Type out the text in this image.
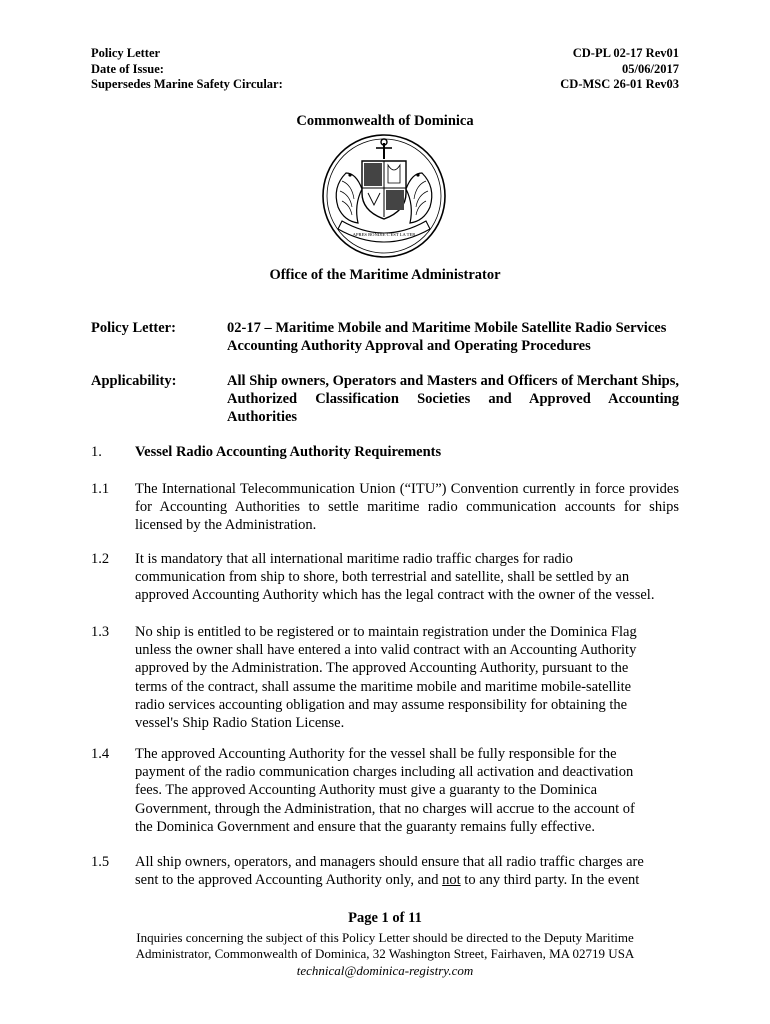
Policy Letter	CD-PL 02-17 Rev01
Date of Issue:	05/06/2017
Supersedes Marine Safety Circular:	CD-MSC 26-01 Rev03
Commonwealth of Dominica
APRES BONDIE C'EST LA TER
Office of the Maritime Administrator
Policy Letter:	02-17 – Maritime Mobile and Maritime Mobile Satellite Radio Services
Accounting Authority Approval and Operating Procedures
Applicability:	All Ship owners, Operators and Masters and Officers of Merchant Ships, Authorized Classification Societies and Approved Accounting Authorities
1.	Vessel Radio Accounting Authority Requirements
1.1	The International Telecommunication Union (“ITU”) Convention currently in force provides for Accounting Authorities to settle maritime radio communication accounts for ships licensed by the Administration.
1.2	It is mandatory that all international maritime radio traffic charges for radio
communication from ship to shore, both terrestrial and satellite, shall be settled by an
approved Accounting Authority which has the legal contract with the owner of the vessel.
1.3	No ship is entitled to be registered or to maintain registration under the Dominica Flag
unless the owner shall have entered a into valid contract with an Accounting Authority
approved by the Administration. The approved Accounting Authority, pursuant to the
terms of the contract, shall assume the maritime mobile and maritime mobile-satellite
radio services accounting obligation and may assume responsibility for obtaining the
vessel's Ship Radio Station License.
1.4	The approved Accounting Authority for the vessel shall be fully responsible for the
payment of the radio communication charges including all activation and deactivation
fees. The approved Accounting Authority must give a guaranty to the Dominica
Government, through the Administration, that no charges will accrue to the account of
the Dominica Government and ensure that the guaranty remains fully effective.
1.5	All ship owners, operators, and managers should ensure that all radio traffic charges are
sent to the approved Accounting Authority only, and not to any third party. In the event
Page 1 of 11
Inquiries concerning the subject of this Policy Letter should be directed to the Deputy Maritime
Administrator, Commonwealth of Dominica, 32 Washington Street, Fairhaven, MA 02719 USA
technical@dominica-registry.com
